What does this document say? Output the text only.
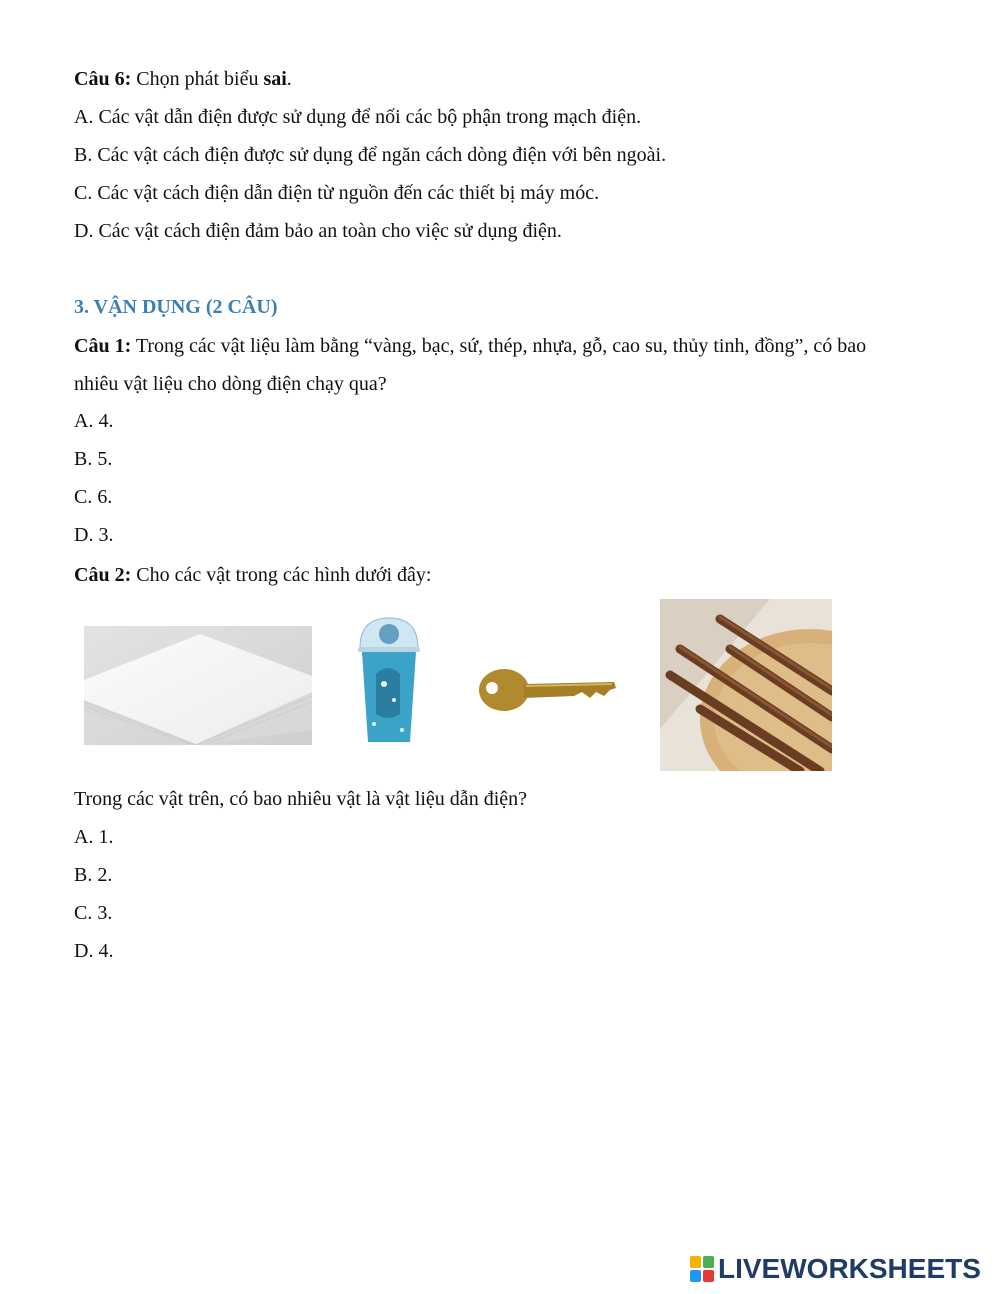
Câu 6: Chọn phát biểu sai.
A. Các vật dẫn điện được sử dụng để nối các bộ phận trong mạch điện.
B. Các vật cách điện được sử dụng để ngăn cách dòng điện với bên ngoài.
C. Các vật cách điện dẫn điện từ nguồn đến các thiết bị máy móc.
D. Các vật cách điện đảm bảo an toàn cho việc sử dụng điện.
3. VẬN DỤNG (2 CÂU)
Câu 1: Trong các vật liệu làm bằng “vàng, bạc, sứ, thép, nhựa, gỗ, cao su, thủy tinh, đồng”, có bao
nhiêu vật liệu cho dòng điện chạy qua?
A. 4.
B. 5.
C. 6.
D. 3.
Câu 2: Cho các vật trong các hình dưới đây:
Trong các vật trên, có bao nhiêu vật là vật liệu dẫn điện?
A. 1.
B. 2.
C. 3.
D. 4.
LIVEWORKSHEETS
